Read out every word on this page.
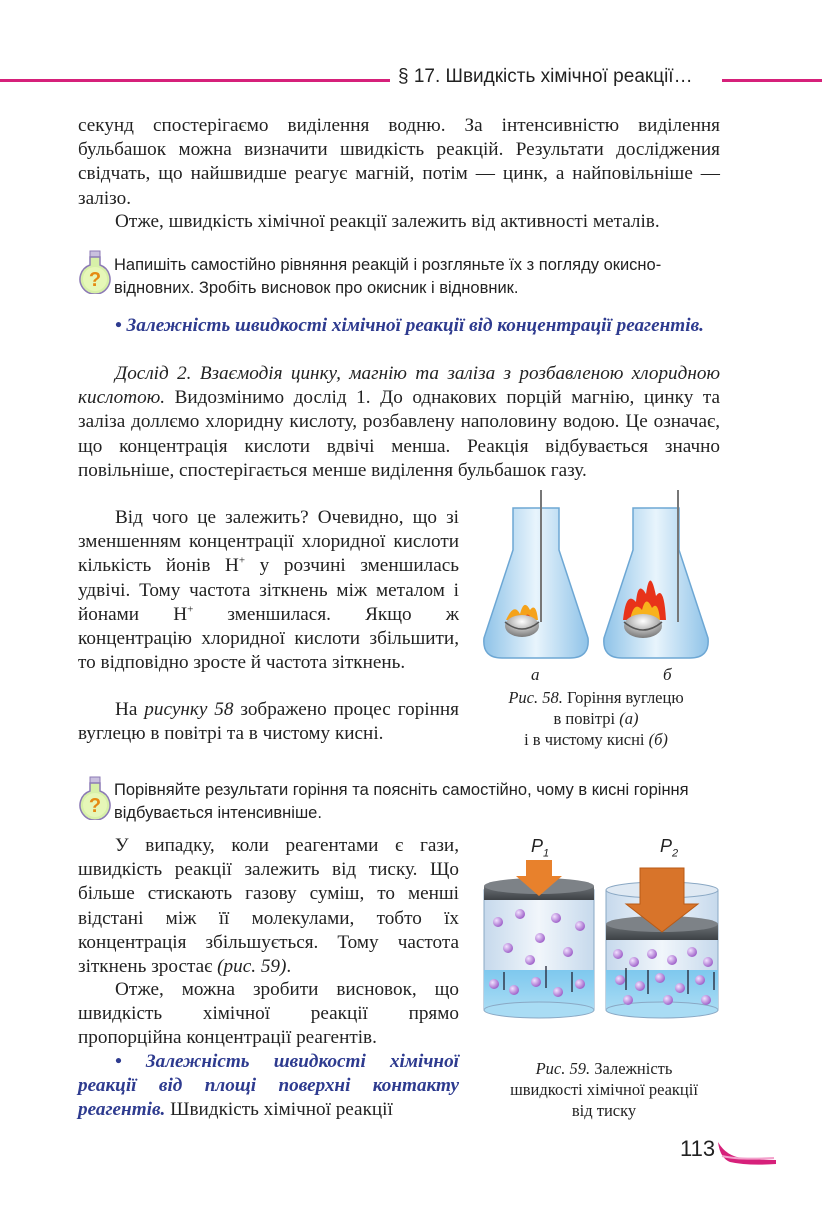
§ 17. Швидкість хімічної реакції…
секунд спостерігаємо виділення водню. За інтенсивністю виділення бульбашок можна визначити швидкість реакцій. Результати досліджения свідчать, що найшвидше реагує магній, потім — цинк, а найповільніше — залізо.
Отже, швидкість хімічної реакції залежить від активності металів.
?
Напишіть самостійно рівняння реакцій і розгляньте їх з погляду окисно-відновних. Зробіть висновок про окисник і відновник.
• Залежність швидкості хімічної реакції від концентрації реагентів.
Дослід 2. Взаємодія цинку, магнію та заліза з розбавленою хлоридною кислотою. Видозмінимо дослід 1. До однакових порцій магнію, цинку та заліза доллємо хлоридну кислоту, розбавлену наполовину водою. Це означає, що концентрація кислоти вдвічі менша. Реакція відбувається значно повільніше, спостерігається менше виділення бульбашок газу.
Від чого це залежить? Очевидно, що зі зменшенням концентрації хлоридної кислоти кількість йонів H+ у розчині зменшилась удвічі. Тому частота зіткнень між металом і йонами H+ зменшилася. Якщо ж концентрацію хлоридної кислоти збільшити, то відповідно зросте й частота зіткнень.
На рисунку 58 зображено процес горіння вуглецю в повітрі та в чистому кисні.
а	б
Рис. 58. Горіння вуглецю
в повітрі (а)
і в чистому кисні (б)
?
Порівняйте результати горіння та поясніть самостійно, чому в кисні горіння відбувається інтенсивніше.
У випадку, коли реагентами є гази, швидкість реакції залежить від тиску. Що більше стискають газову суміш, то менші відстані між її молекулами, тобто їх концентрація збільшується. Тому частота зіткнень зростає (рис. 59).
Отже, можна зробити висновок, що швидкість хімічної реакції прямо пропорційна концентрації реагентів.
• Залежність швидкості хімічної реакції від площі поверхні контакту реагентів. Швидкість хімічної реакції
$P_1$	$P_2$
Рис. 59. Залежність
швидкості хімічної реакції
від тиску
113
